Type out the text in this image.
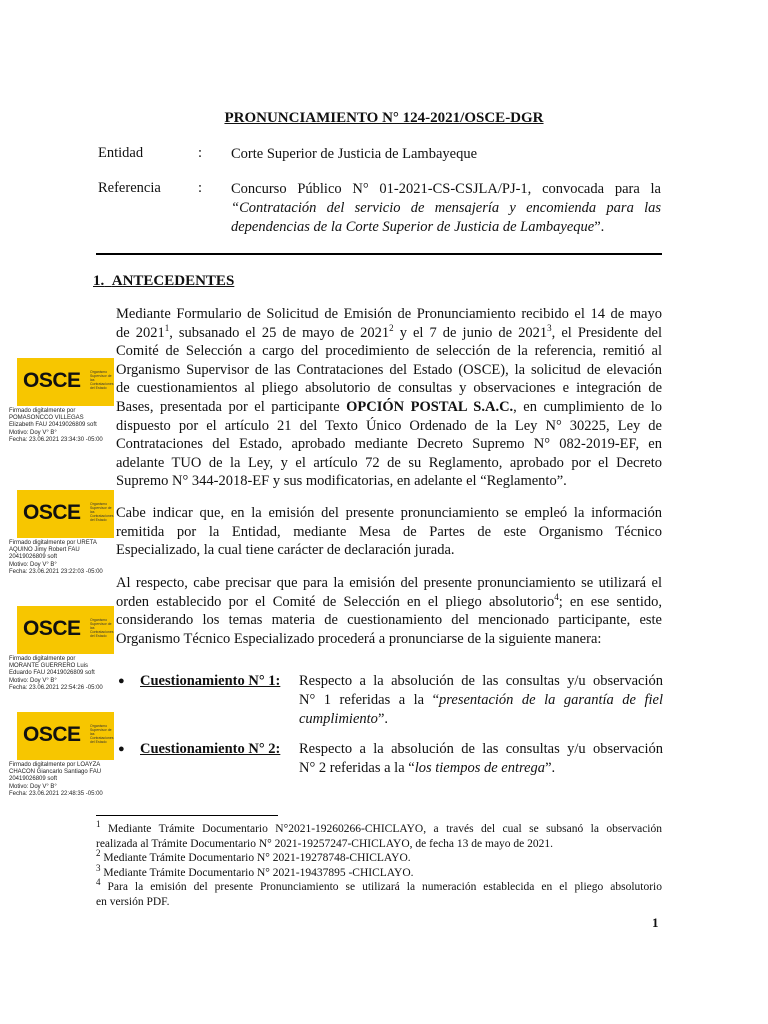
PRONUNCIAMIENTO N° 124-2021/OSCE-DGR
Entidad	:	Corte Superior de Justicia de Lambayeque
Referencia	:	Concurso Público N° 01-2021-CS-CSJLA/PJ-1, convocada para la
“Contratación del servicio de mensajería y encomienda para las
dependencias de la Corte Superior de Justicia de Lambayeque”.
1. ANTECEDENTES
Mediante Formulario de Solicitud de Emisión de Pronunciamiento recibido el 14 de mayo
de 2021$^1$, subsanado el 25 de mayo de 2021$^2$ y el 7 de junio de 2021$^3$, el Presidente del
Comité de Selección a cargo del procedimiento de selección de la referencia, remitió al
Organismo Supervisor de las Contrataciones del Estado (OSCE), la solicitud de elevación
de cuestionamientos al pliego absolutorio de consultas y observaciones e integración de
Bases, presentada por el participante OPCIÓN POSTAL S.A.C., en cumplimiento de lo
dispuesto por el artículo 21 del Texto Único Ordenado de la Ley N° 30225, Ley de
Contrataciones del Estado, aprobado mediante Decreto Supremo N° 082-2019-EF, en
adelante TUO de la Ley, y el artículo 72 de su Reglamento, aprobado por el Decreto
Supremo N° 344-2018-EF y sus modificatorias, en adelante el “Reglamento”.
Cabe indicar que, en la emisión del presente pronunciamiento se empleó la información
remitida por la Entidad, mediante Mesa de Partes de este Organismo Técnico
Especializado, la cual tiene carácter de declaración jurada.
Al respecto, cabe precisar que para la emisión del presente pronunciamiento se utilizará el
orden establecido por el Comité de Selección en el pliego absolutorio$^4$; en ese sentido,
considerando los temas materia de cuestionamiento del mencionado participante, este
Organismo Técnico Especializado procederá a pronunciarse de la siguiente manera:
● Cuestionamiento N° 1: Respecto a la absolución de las consultas y/u observación
N° 1 referidas a la “presentación de la garantía de fiel
cumplimiento”.
● Cuestionamiento N° 2: Respecto a la absolución de las consultas y/u observación
N° 2 referidas a la “los tiempos de entrega”.
OSCE	Organismo Supervisor de las Contrataciones del Estado
Firmado digitalmente por
POMASONCCO VILLEGAS
Elizabeth FAU 20419026809 soft
Motivo: Doy V° B°
Fecha: 23.06.2021 23:34:30 -05:00
OSCE	Organismo Supervisor de las Contrataciones del Estado
Firmado digitalmente por URETA
AQUINO Jimy Robert FAU
20419026809 soft
Motivo: Doy V° B°
Fecha: 23.06.2021 23:22:03 -05:00
OSCE	Organismo Supervisor de las Contrataciones del Estado
Firmado digitalmente por
MORANTE GUERRERO Luis
Eduardo FAU 20419026809 soft
Motivo: Doy V° B°
Fecha: 23.06.2021 22:54:26 -05:00
OSCE	Organismo Supervisor de las Contrataciones del Estado
Firmado digitalmente por LOAYZA
CHACON Giancarlo Santiago FAU
20419026809 soft
Motivo: Doy V° B°
Fecha: 23.06.2021 22:48:35 -05:00
$^1$ Mediante Trámite Documentario N°2021-19260266-CHICLAYO, a través del cual se subsanó la observación
realizada al Trámite Documentario N° 2021-19257247-CHICLAYO, de fecha 13 de mayo de 2021.
$^2$ Mediante Trámite Documentario N° 2021-19278748-CHICLAYO.
$^3$ Mediante Trámite Documentario N° 2021-19437895 -CHICLAYO.
$^4$ Para la emisión del presente Pronunciamiento se utilizará la numeración establecida en el pliego absolutorio
en versión PDF.
1
